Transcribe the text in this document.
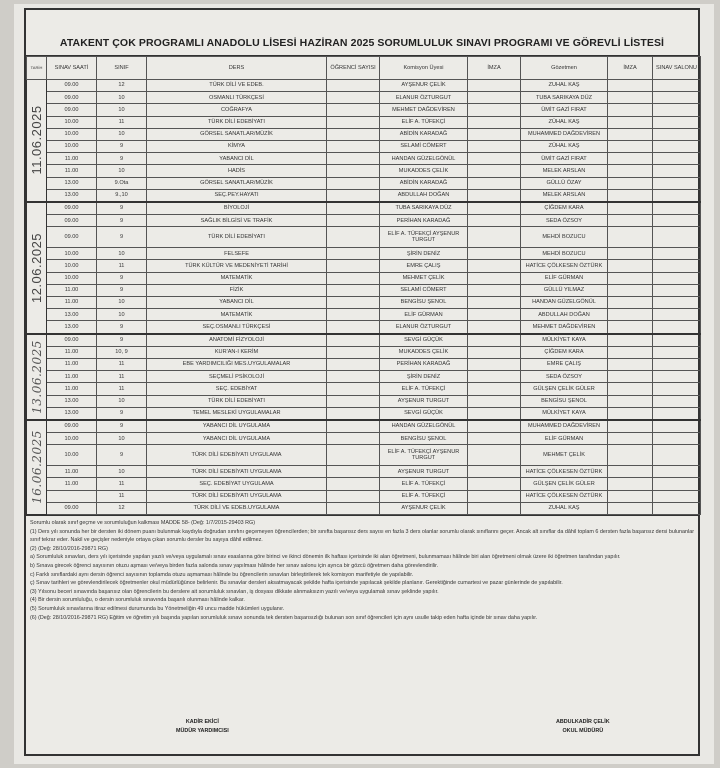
ATAKENT ÇOK PROGRAMLI ANADOLU LİSESİ HAZİRAN 2025 SORUMLULUK SINAVI PROGRAMI VE GÖREVLİ LİSTESİ
TARİH	SINAV SAATİ	SINIF	DERS	ÖĞRENCİ SAYISI	Komisyon Üyesi	İMZA	Gözetmen	İMZA	SINAV SALONU

11.06.2025	09.00	12	TÜRK DİLİ VE EDEB.		AYŞENUR ÇELİK		ZUHAL KAŞ		
	09.00	10	OSMANLI TÜRKÇESİ		ELANUR ÖZTURGUT		TUBA SARIKAYA DÜZ		
	09.00	10	COĞRAFYA		MEHMET DAĞDEVİREN		ÜMİT GAZİ FIRAT		
	10.00	11	TÜRK DİLİ EDEBİYATI		ELİF A. TÜFEKÇİ		ZÜHAL KAŞ		
	10.00	10	GÖRSEL SANATLAR/MÜZİK		ABİDİN KARADAĞ		MUHAMMED DAĞDEVİREN		
	10.00	9	KİMYA		SELAMİ CÖMERT		ZÜHAL KAŞ		
	11.00	9	YABANCI DİL		HANDAN GÜZELGÖNÜL		ÜMİT GAZİ FIRAT		
	11.00	10	HADİS		MUKADDES ÇELİK		MELEK ARSLAN		
	13.00	9.Ota	GÖRSEL SANATLAR/MÜZİK		ABİDİN KARADAĞ		GÜLLÜ ÖZAY		
	13.00	9.,10	SEÇ.PEY.HAYATI		ABDULLAH DOĞAN		MELEK ARSLAN		

12.06.2025	09.00	9	BİYOLOJİ		TUBA SARIKAYA DÜZ		ÇİĞDEM KARA		
	09.00	9	SAĞLIK BİLGİSİ VE TRAFİK		PERİHAN KARADAĞ		SEDA ÖZSOY		
	09.00	9	TÜRK DİLİ EDEBİYATI		ELİF A. TÜFEKÇİ AYŞENUR TURGUT		MEHDİ BOZUCU		
	10.00	10	FELSEFE		ŞİRİN DENİZ		MEHDİ BOZUCU		
	10.00	11	TÜRK KÜLTÜR VE MEDENİYETİ TARİHİ		EMRE ÇALIŞ		HATİCE ÇÖLKESEN ÖZTÜRK		
	10.00	9	MATEMATİK		MEHMET ÇELİK		ELİF GÜRMAN		
	11.00	9	FİZİK		SELAMİ CÖMERT		GÜLLÜ YILMAZ		
	11.00	10	YABANCI DİL		BENGİSU ŞENOL		HANDAN GÜZELGÖNÜL		
	13.00	10	MATEMATİK		ELİF GÜRMAN		ABDULLAH DOĞAN		
	13.00	9	SEÇ.OSMANLI TÜRKÇESİ		ELANUR ÖZTURGUT		MEHMET DAĞDEVİREN		

13.06.2025	09.00	9	ANATOMİ FİZYOLOJİ		SEVGİ GÜÇÜK		MÜLKİYET KAYA		
	11.00	10, 9	KUR'AN-I KERİM		MUKADDES ÇELİK		ÇİĞDEM KARA		
	11.00	11	EBE YARDIMCILIĞI MES.UYGULAMALAR		PERİHAN KARADAĞ		EMRE ÇALIŞ		
	11.00	11	SEÇMELİ PSİKOLOJİ		ŞİRİN DENİZ		SEDA ÖZSOY		
	11.00	11	SEÇ. EDEBİYAT		ELİF A. TÜFEKÇİ		GÜLŞEN ÇELİK GÜLER		
	13.00	10	TÜRK DİLİ EDEBİYATI		AYŞENUR TURGUT		BENGİSU ŞENOL		
	13.00	9	TEMEL MESLEKİ UYGULAMALAR		SEVGİ GÜÇÜK		MÜLKİYET KAYA		

16.06.2025	09.00	9	YABANCI DİL UYGULAMA		HANDAN GÜZELGÖNÜL		MUHAMMED DAĞDEVİREN		
	10.00	10	YABANCI DİL UYGULAMA		BENGİSU ŞENOL		ELİF GÜRMAN		
	10.00	9	TÜRK DİLİ EDEBİYATI UYGULAMA		ELİF A. TÜFEKÇİ AYŞENUR TURGUT		MEHMET ÇELİK		
	11.00	10	TÜRK DİLİ EDEBİYATI UYGULAMA		AYŞENUR TURGUT		HATİCE ÇÖLKESEN ÖZTÜRK		
	11.00	11	SEÇ. EDEBİYAT UYGULAMA		ELİF A. TÜFEKÇİ		GÜLŞEN ÇELİK GÜLER		
		11	TÜRK DİLİ EDEBİYATI UYGULAMA		ELİF A. TÜFEKÇİ		HATİCE ÇÖLKESEN ÖZTÜRK		
	09.00	12	TÜRK DİLİ VE EDEB.UYGULAMA		AYŞENUR ÇELİK		ZUHAL KAŞ		
Sorumlu olarak sınıf geçme ve sorumluluğun kalkması MADDE 58- (Değ: 1/7/2015-29403 RG)
(1) Ders yılı sonunda her bir dersten iki dönem puanı bulunmak kaydıyla doğrudan sınıfını geçemeyen öğrencilerden; bir sınıfta başarısız ders sayısı en fazla 3 ders olanlar sorumlu olarak sınıflarını geçer. Ancak alt sınıflar da dâhil toplam 6 dersten fazla başarısız dersi bulunanlar sınıf tekrar eder. Nakil ve geçişler nedeniyle ortaya çıkan sorumlu dersler bu sayıya dâhil edilmez.
(2) (Değ: 28/10/2016-29871 RG)
a) Sorumluluk sınavları, ders yılı içerisinde yapılan yazılı ve/veya uygulamalı sınav esaslarına göre birinci ve ikinci dönemin ilk haftası içerisinde iki alan öğretmeni, bulunmaması hâlinde biri alan öğretmeni olmak üzere iki öğretmen tarafından yapılır.
b) Sınava girecek öğrenci sayısının otuzu aşması ve/veya birden fazla salonda sınav yapılması hâlinde her sınav salonu için ayrıca bir gözcü öğretmen daha görevlendirilir.
c) Farklı sınıflardaki aynı dersin öğrenci sayısının toplamda otuzu aşmaması hâlinde bu öğrencilerin sınavları birleştirilerek tek komisyon marifetiyle de yapılabilir.
ç) Sınav tarihleri ve görevlendirilecek öğretmenler okul müdürlüğünce belirlenir. Bu sınavlar dersleri aksatmayacak şekilde hafta içerisinde yapılacak şekilde planlanır. Gerektiğinde cumartesi ve pazar günlerinde de yapılabilir.
(3) Yılsonu beceri sınavında başarısız olan öğrencilerin bu derslere ait sorumluluk sınavları, iş dosyası dikkate alınmaksızın yazılı ve/veya uygulamalı sınav şeklinde yapılır.
(4) Bir dersin sorumluluğu, o dersin sorumluluk sınavında başarılı olunması hâlinde kalkar.
(5) Sorumluluk sınavlarına itiraz edilmesi durumunda bu Yönetmeliğin 49 uncu madde hükümleri uygulanır.
(6) (Değ: 28/10/2016-29871 RG) Eğitim ve öğretim yılı başında yapılan sorumluluk sınavı sonunda tek dersten başarısızlığı bulunan son sınıf öğrencileri için aynı usulle takip eden hafta içinde bir sınav daha yapılır.
KADİR EKİCİ
MÜDÜR YARDIMCISI
ABDULKADİR ÇELİK
OKUL MÜDÜRÜ
